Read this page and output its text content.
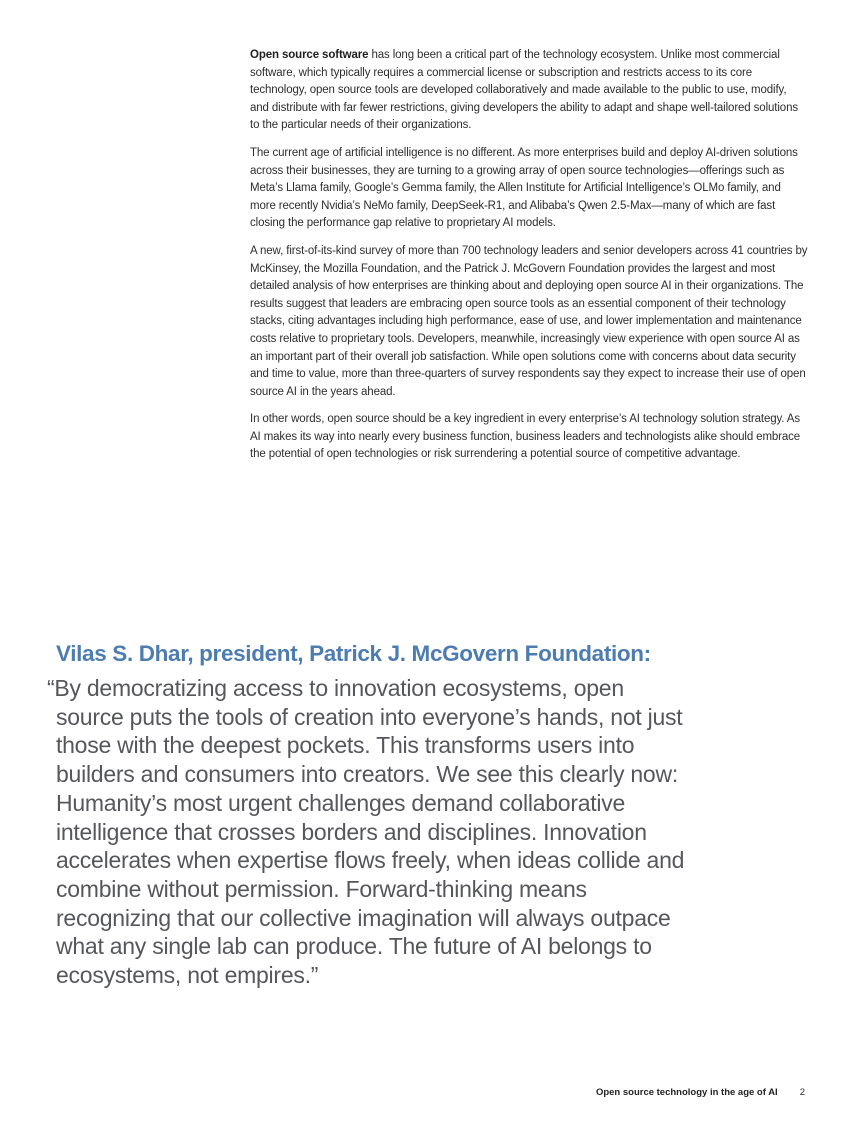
Open source software has long been a critical part of the technology ecosystem. Unlike most commercial software, which typically requires a commercial license or subscription and restricts access to its core technology, open source tools are developed collaboratively and made available to the public to use, modify, and distribute with far fewer restrictions, giving developers the ability to adapt and shape well-tailored solutions to the particular needs of their organizations.

The current age of artificial intelligence is no different. As more enterprises build and deploy AI-driven solutions across their businesses, they are turning to a growing array of open source technologies—offerings such as Meta’s Llama family, Google’s Gemma family, the Allen Institute for Artificial Intelligence’s OLMo family, and more recently Nvidia’s NeMo family, DeepSeek-R1, and Alibaba’s Qwen 2.5-Max—many of which are fast closing the performance gap relative to proprietary AI models.

A new, first-of-its-kind survey of more than 700 technology leaders and senior developers across 41 countries by McKinsey, the Mozilla Foundation, and the Patrick J. McGovern Foundation provides the largest and most detailed analysis of how enterprises are thinking about and deploying open source AI in their organizations. The results suggest that leaders are embracing open source tools as an essential component of their technology stacks, citing advantages including high performance, ease of use, and lower implementation and maintenance costs relative to proprietary tools. Developers, meanwhile, increasingly view experience with open source AI as an important part of their overall job satisfaction. While open solutions come with concerns about data security and time to value, more than three-quarters of survey respondents say they expect to increase their use of open source AI in the years ahead.

In other words, open source should be a key ingredient in every enterprise’s AI technology solution strategy. As AI makes its way into nearly every business function, business leaders and technologists alike should embrace the potential of open technologies or risk surrendering a potential source of competitive advantage.

Vilas S. Dhar, president, Patrick J. McGovern Foundation:

“By democratizing access to innovation ecosystems, open source puts the tools of creation into everyone’s hands, not just those with the deepest pockets. This transforms users into builders and consumers into creators. We see this clearly now: Humanity’s most urgent challenges demand collaborative intelligence that crosses borders and disciplines. Innovation accelerates when expertise flows freely, when ideas collide and combine without permission. Forward-thinking means recognizing that our collective imagination will always outpace what any single lab can produce. The future of AI belongs to ecosystems, not empires.”

Open source technology in the age of AI 2
